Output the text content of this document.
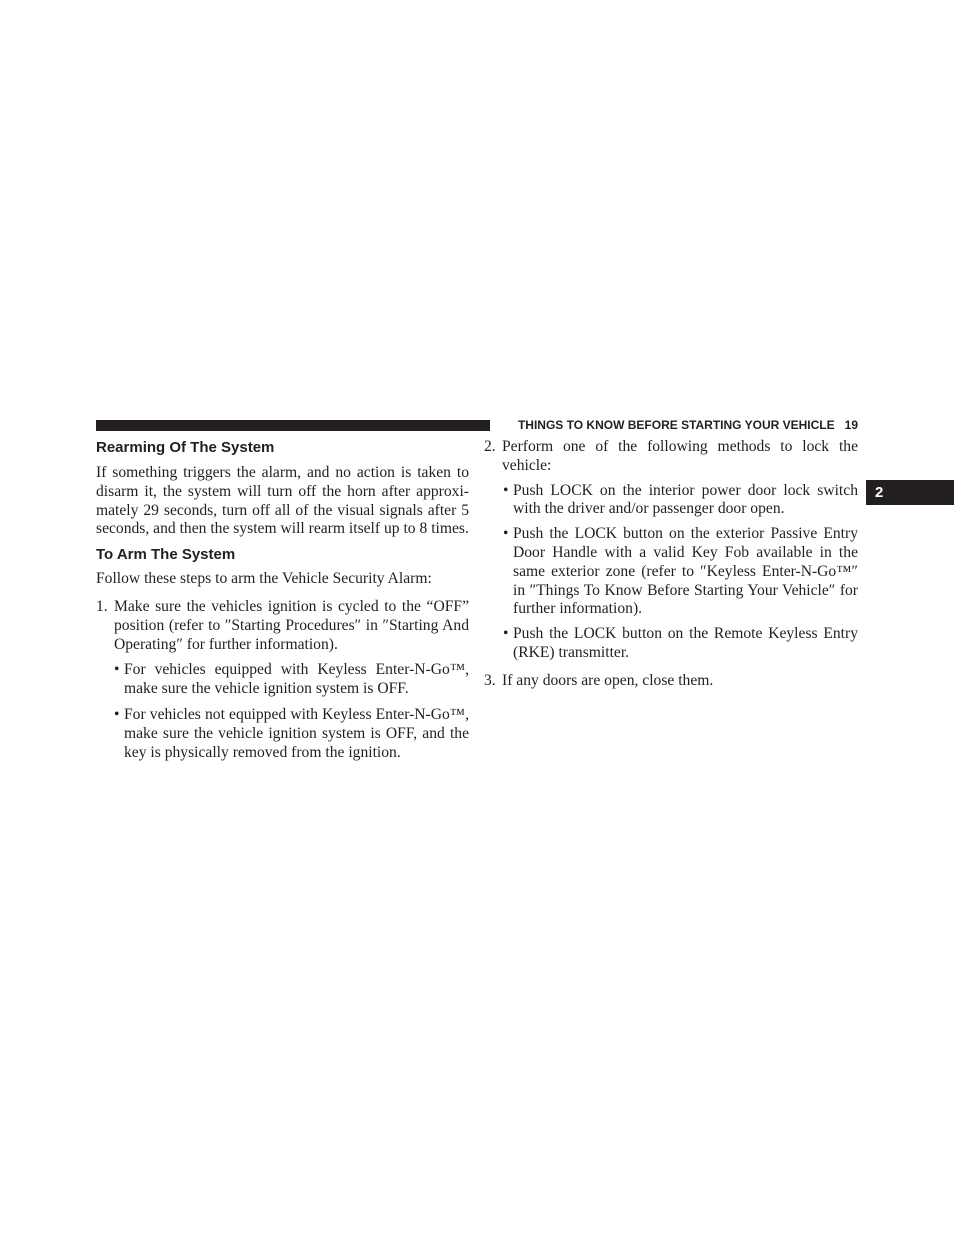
THINGS TO KNOW BEFORE STARTING YOUR VEHICLE 19
2
Rearming Of The System

If something triggers the alarm, and no action is taken to disarm it, the system will turn off the horn after approximately 29 seconds, turn off all of the visual signals after 5 seconds, and then the system will rearm itself up to 8 times.

To Arm The System

Follow these steps to arm the Vehicle Security Alarm:

1. Make sure the vehicles ignition is cycled to the “OFF” position (refer to ″Starting Procedures″ in ″Starting And Operating″ for further information).
• For vehicles equipped with Keyless Enter-N-Go™, make sure the vehicle ignition system is OFF.
• For vehicles not equipped with Keyless Enter-N-Go™, make sure the vehicle ignition system is OFF, and the key is physically removed from the ignition.
2. Perform one of the following methods to lock the vehicle:
• Push LOCK on the interior power door lock switch with the driver and/or passenger door open.
• Push the LOCK button on the exterior Passive Entry Door Handle with a valid Key Fob available in the same exterior zone (refer to ″Keyless Enter-N-Go™″ in ″Things To Know Before Starting Your Vehicle″ for further information).
• Push the LOCK button on the Remote Keyless Entry (RKE) transmitter.
3. If any doors are open, close them.
